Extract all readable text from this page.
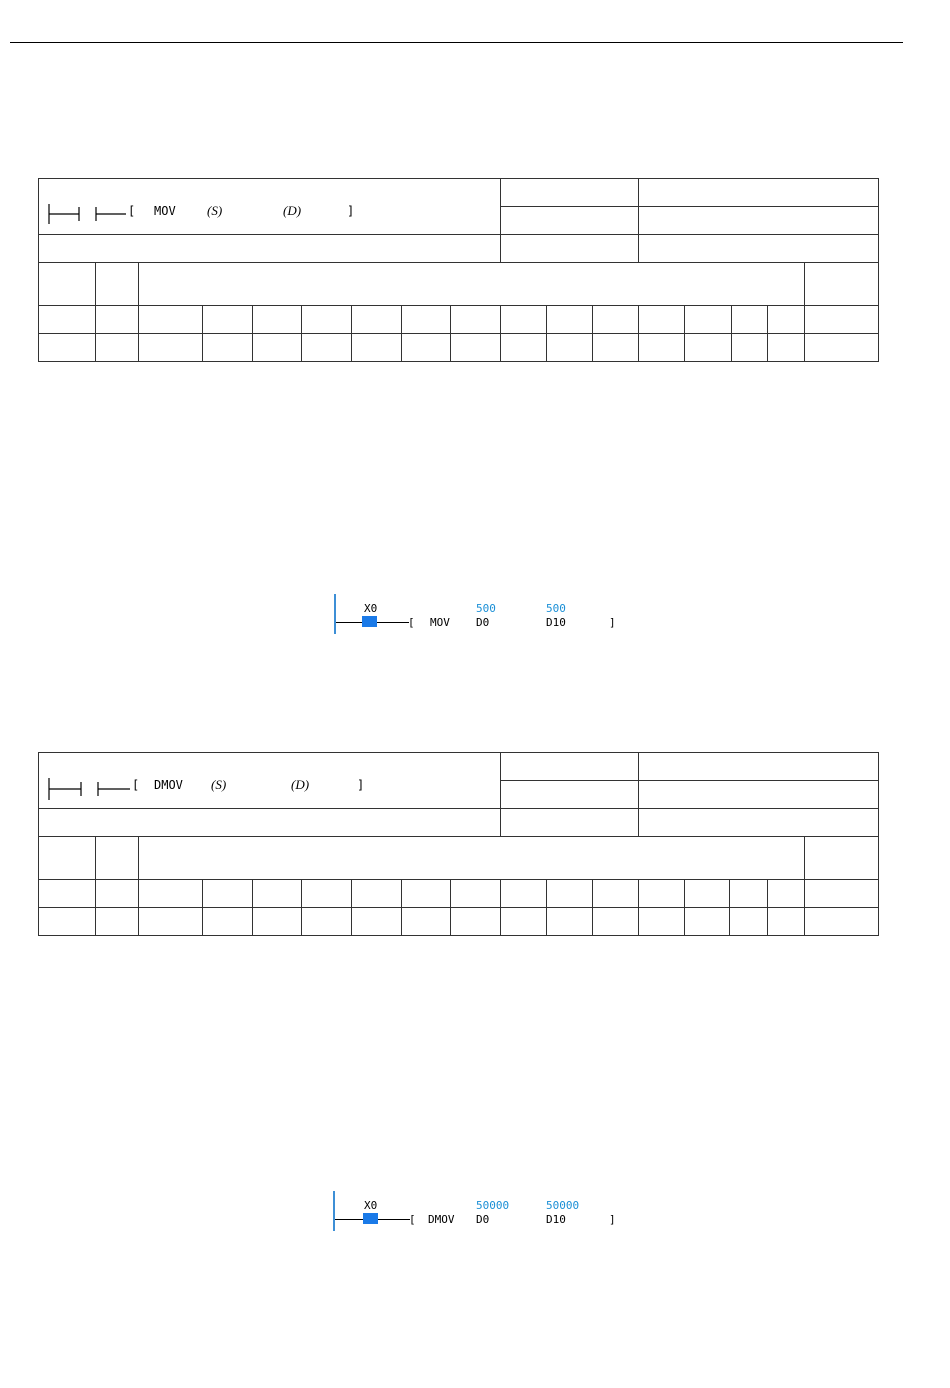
[ MOV (S) (D) ]																

X0
[ MOV
500
D0
500
D10	]
[ DMOV (S) (D) ]																

X0
[ DMOV
50000
D0
50000
D10	]
